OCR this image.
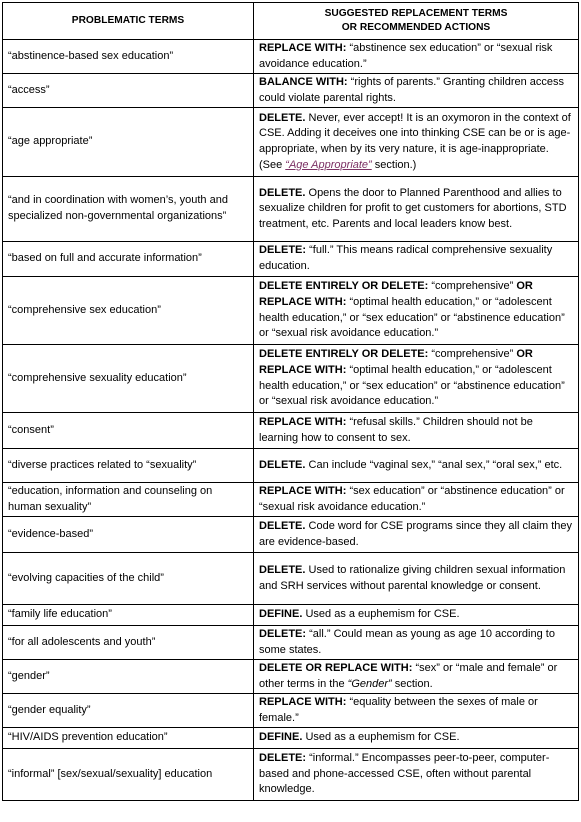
PROBLEMATIC TERMS	SUGGESTED REPLACEMENT TERMS
OR RECOMMENDED ACTIONS
“abstinence-based sex education”	REPLACE WITH: “abstinence sex education” or “sexual risk avoidance education.”
“access”	BALANCE WITH: “rights of parents.” Granting children access could violate parental rights.
“age appropriate”	DELETE. Never, ever accept! It is an oxymoron in the context of CSE. Adding it deceives one into thinking CSE can be or is age-appropriate, when by its very nature, it is age-inappropriate. (See “Age Appropriate” section.)
“and in coordination with women’s, youth and specialized non-governmental organizations”	DELETE. Opens the door to Planned Parenthood and allies to sexualize children for profit to get customers for abortions, STD treatment, etc. Parents and local leaders know best.
“based on full and accurate information”	DELETE: “full.” This means radical comprehensive sexuality education.
“comprehensive sex education”	DELETE ENTIRELY OR DELETE: “comprehensive” OR REPLACE WITH: “optimal health education,” or “adolescent health education,” or “sex education” or “abstinence education” or “sexual risk avoidance education.”
“comprehensive sexuality education”	DELETE ENTIRELY OR DELETE: “comprehensive” OR REPLACE WITH: “optimal health education,” or “adolescent health education,” or “sex education” or “abstinence education” or “sexual risk avoidance education.”
“consent”	REPLACE WITH: “refusal skills.” Children should not be learning how to consent to sex.
“diverse practices related to “sexuality”	DELETE. Can include “vaginal sex,” “anal sex,” “oral sex,” etc.
“education, information and counseling on human sexuality”	REPLACE WITH: “sex education” or “abstinence education” or “sexual risk avoidance education.”
“evidence-based”	DELETE. Code word for CSE programs since they all claim they are evidence-based.
“evolving capacities of the child”	DELETE. Used to rationalize giving children sexual information and SRH services without parental knowledge or consent.
“family life education”	DEFINE. Used as a euphemism for CSE.
“for all adolescents and youth”	DELETE: “all.” Could mean as young as age 10 according to some states.
“gender”	DELETE OR REPLACE WITH: “sex” or “male and female” or other terms in the “Gender” section.
“gender equality”	REPLACE WITH: “equality between the sexes of male or female.”
“HIV/AIDS prevention education”	DEFINE. Used as a euphemism for CSE.
“informal” [sex/sexual/sexuality] education	DELETE: “informal.” Encompasses peer-to-peer, computer-based and phone-accessed CSE, often without parental knowledge.
